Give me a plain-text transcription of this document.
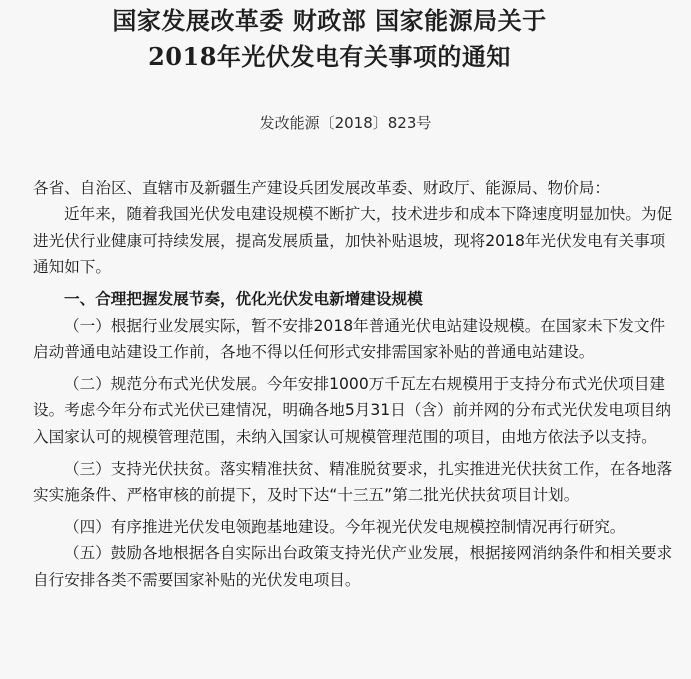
国家发展改革委 财政部 国家能源局关于
2018年光伏发电有关事项的通知

发改能源〔2018〕823号

各省、自治区、直辖市及新疆生产建设兵团发展改革委、财政厅、能源局、物价局：

近年来，随着我国光伏发电建设规模不断扩大，技术进步和成本下降速度明显加快。为促进光伏行业健康可持续发展，提高发展质量，加快补贴退坡，现将2018年光伏发电有关事项通知如下。

一、合理把握发展节奏，优化光伏发电新增建设规模

（一）根据行业发展实际，暂不安排2018年普通光伏电站建设规模。在国家未下发文件启动普通电站建设工作前，各地不得以任何形式安排需国家补贴的普通电站建设。

（二）规范分布式光伏发展。今年安排1000万千瓦左右规模用于支持分布式光伏项目建设。考虑今年分布式光伏已建情况，明确各地5月31日（含）前并网的分布式光伏发电项目纳入国家认可的规模管理范围，未纳入国家认可规模管理范围的项目，由地方依法予以支持。

（三）支持光伏扶贫。落实精准扶贫、精准脱贫要求，扎实推进光伏扶贫工作，在各地落实实施条件、严格审核的前提下，及时下达“十三五”第二批光伏扶贫项目计划。

（四）有序推进光伏发电领跑基地建设。今年视光伏发电规模控制情况再行研究。

（五）鼓励各地根据各自实际出台政策支持光伏产业发展，根据接网消纳条件和相关要求自行安排各类不需要国家补贴的光伏发电项目。
